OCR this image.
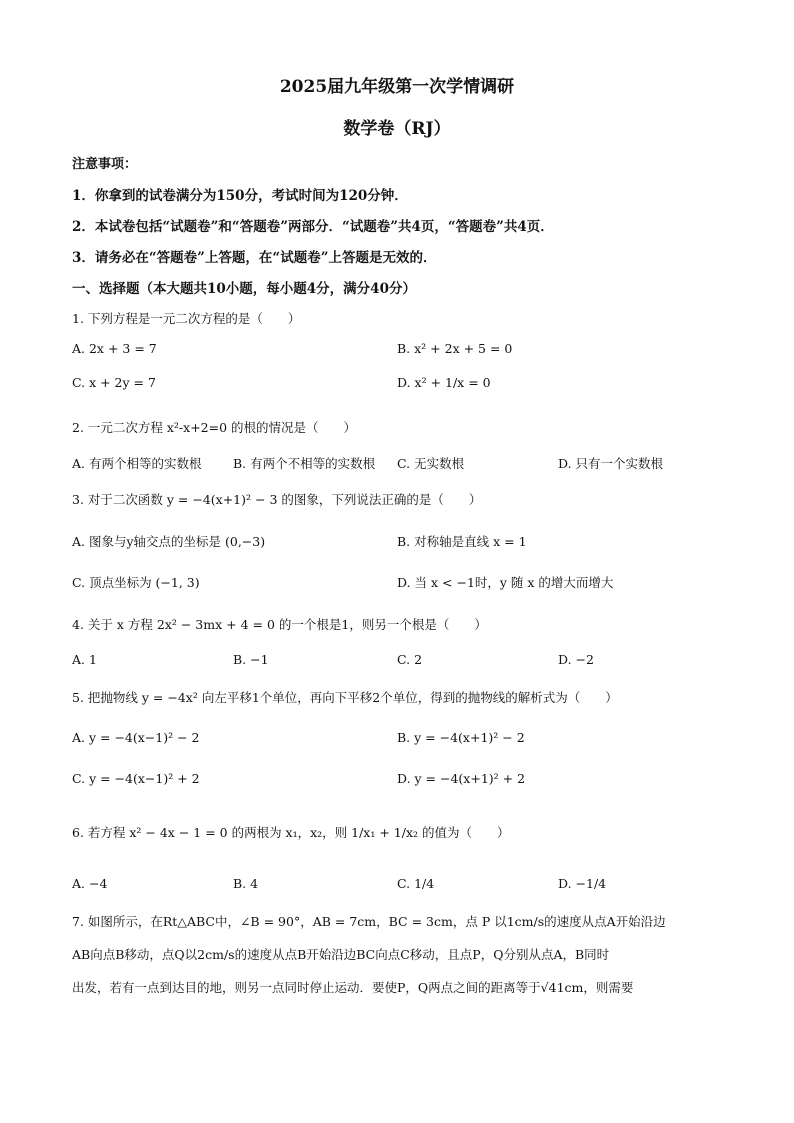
2025届九年级第一次学情调研
数学卷（RJ）
注意事项：
1．你拿到的试卷满分为150分，考试时间为120分钟．
2．本试卷包括“试题卷”和“答题卷”两部分．“试题卷”共4页，“答题卷”共4页．
3．请务必在“答题卷”上答题，在“试题卷”上答题是无效的．
一、选择题（本大题共10小题，每小题4分，满分40分）
1. 下列方程是一元二次方程的是（　　）
A. 2x + 3 = 7	B. x² + 2x + 5 = 0
C. x + 2y = 7	D. x² + 1/x = 0
2. 一元二次方程 x²-x+2=0 的根的情况是（　　）
A. 有两个相等的实数根	B. 有两个不相等的实数根 C. 无实数根	D. 只有一个实数根
3. 对于二次函数 y = −4(x+1)² − 3 的图象，下列说法正确的是（　　）
A. 图象与y轴交点的坐标是 (0,−3)	B. 对称轴是直线 x = 1
C. 顶点坐标为 (−1, 3)	D. 当 x < −1时，y 随 x 的增大而增大
4. 关于 x 方程 2x² − 3mx + 4 = 0 的一个根是1，则另一个根是（　　）
A. 1	B. −1	C. 2	D. −2
5. 把抛物线 y = −4x² 向左平移1个单位，再向下平移2个单位，得到的抛物线的解析式为（　　）
A. y = −4(x−1)² − 2	B. y = −4(x+1)² − 2
C. y = −4(x−1)² + 2	D. y = −4(x+1)² + 2
6. 若方程 x² − 4x − 1 = 0 的两根为 x₁，x₂，则 1/x₁ + 1/x₂ 的值为（　　）
A. −4	B. 4	C. 1/4	D. −1/4
7. 如图所示，在Rt△ABC中，∠B = 90°，AB = 7cm，BC = 3cm，点 P 以1cm/s的速度从点A开始沿边
AB向点B移动，点Q以2cm/s的速度从点B开始沿边BC向点C移动，且点P，Q分别从点A，B同时
出发，若有一点到达目的地，则另一点同时停止运动．要使P，Q两点之间的距离等于√41cm，则需要
